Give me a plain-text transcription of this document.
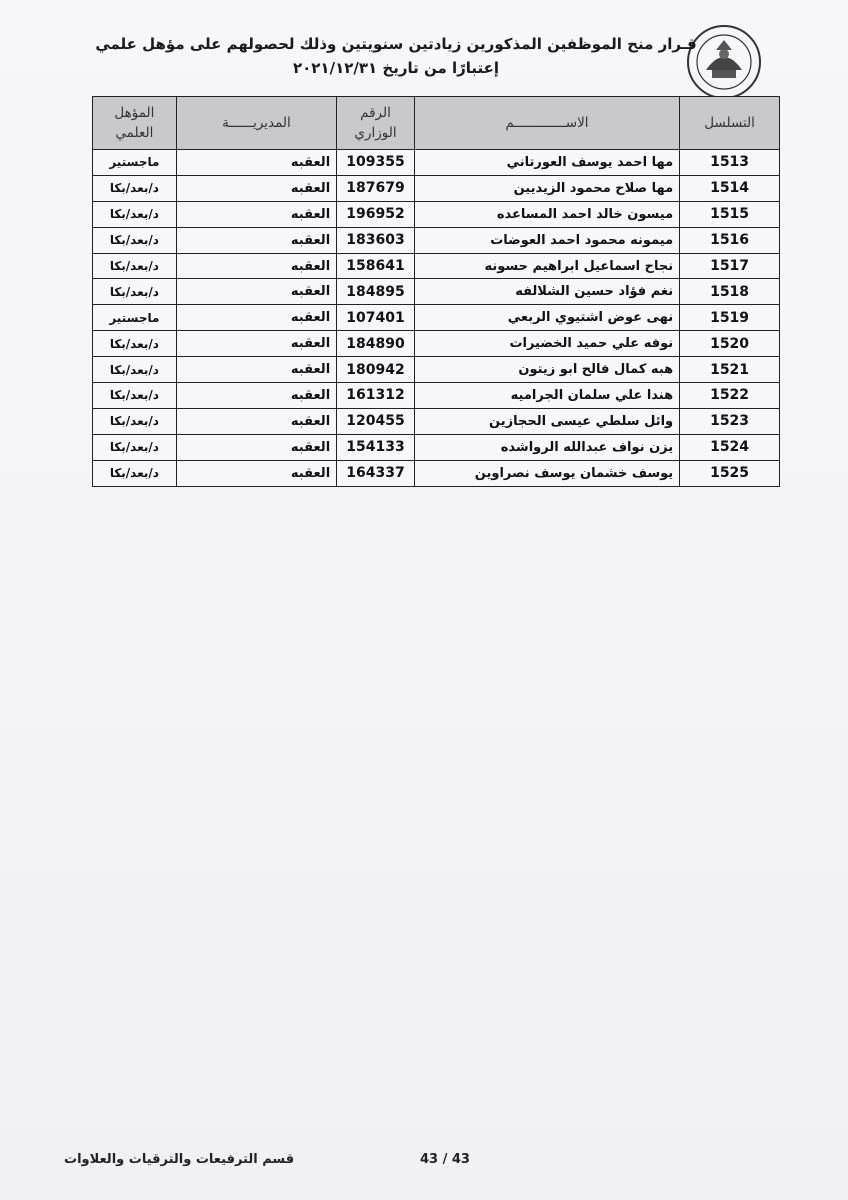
قـرار منح الموظفين المذكورين زيادتين سنويتين وذلك لحصولهم على مؤهل علمي
إعتبارًا من تاريخ ٢٠٢١/١٢/٣١
التسلسل	الاســـــــــــــم	الرقم الوزاري	المديريــــــة	المؤهل العلمي
1513	مها احمد يوسف العورتاني	109355	العقبه	ماجستير
1514	مها صلاح محمود الزيديين	187679	العقبه	د/بعد/بكا
1515	ميسون خالد احمد المساعده	196952	العقبه	د/بعد/بكا
1516	ميمونه محمود احمد العوضات	183603	العقبه	د/بعد/بكا
1517	نجاح اسماعيل ابراهيم حسونه	158641	العقبه	د/بعد/بكا
1518	نغم فؤاد حسين الشلالفه	184895	العقبه	د/بعد/بكا
1519	نهى عوض اشتيوي الربعي	107401	العقبه	ماجستير
1520	نوفه علي حميد الخضيرات	184890	العقبه	د/بعد/بكا
1521	هبه كمال فالح ابو زيتون	180942	العقبه	د/بعد/بكا
1522	هندا علي سلمان الجراميه	161312	العقبه	د/بعد/بكا
1523	وائل سلطي عيسى الحجازين	120455	العقبه	د/بعد/بكا
1524	يزن نواف عبدالله الرواشده	154133	العقبه	د/بعد/بكا
1525	يوسف خشمان يوسف نصراوين	164337	العقبه	د/بعد/بكا
43 / 43
قسم الترفيعات والترقيات والعلاوات
